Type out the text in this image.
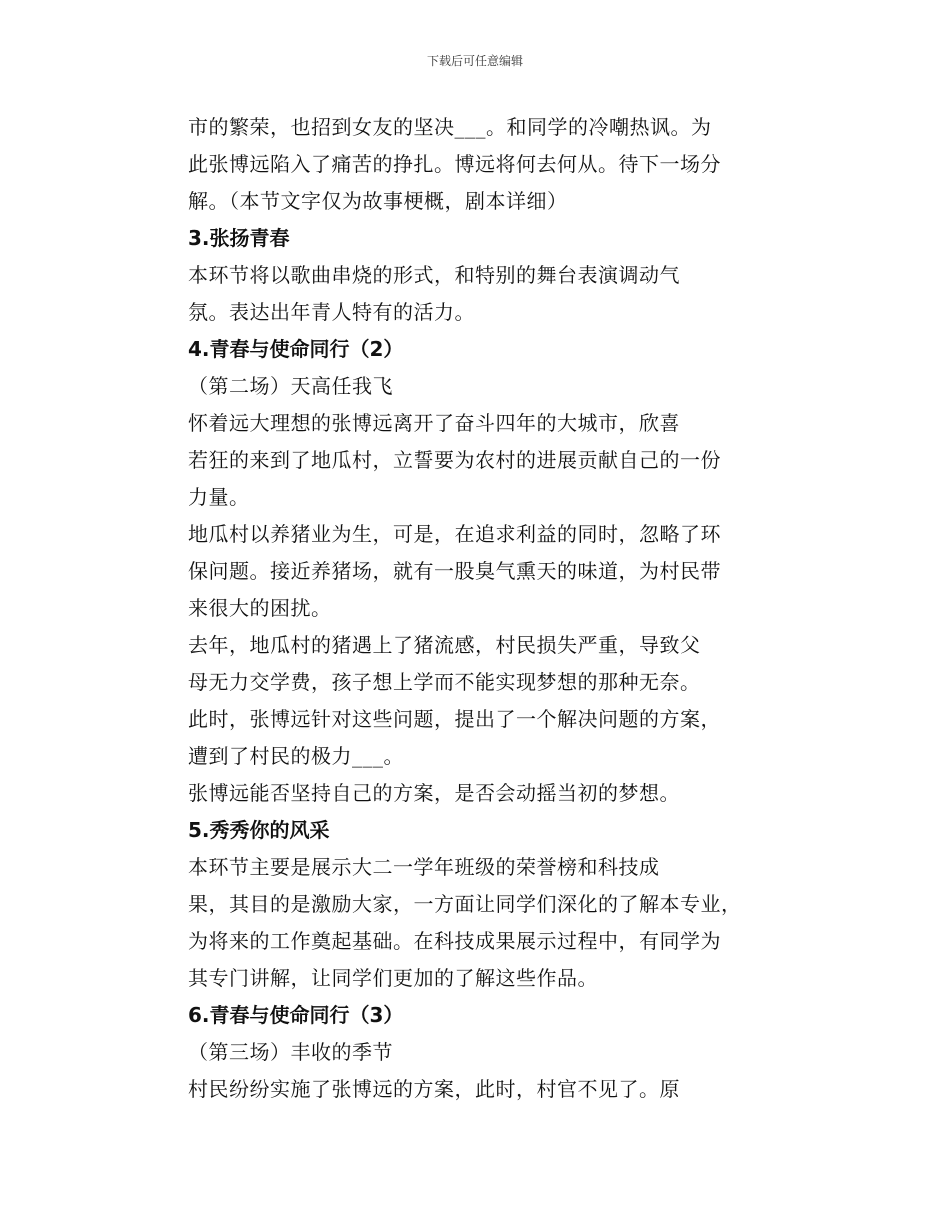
下载后可任意编辑
市的繁荣，也招到女友的坚决___。和同学的冷嘲热讽。为
此张博远陷入了痛苦的挣扎。博远将何去何从。待下一场分
解。（本节文字仅为故事梗概，剧本详细）
3.张扬青春
本环节将以歌曲串烧的形式，和特别的舞台表演调动气
氛。表达出年青人特有的活力。
4.青春与使命同行（2）
（第二场）天高任我飞
怀着远大理想的张博远离开了奋斗四年的大城市，欣喜
若狂的来到了地瓜村，立誓要为农村的进展贡献自己的一份
力量。
地瓜村以养猪业为生，可是，在追求利益的同时，忽略了环
保问题。接近养猪场，就有一股臭气熏天的味道，为村民带
来很大的困扰。
去年，地瓜村的猪遇上了猪流感，村民损失严重，导致父
母无力交学费，孩子想上学而不能实现梦想的那种无奈。
此时，张博远针对这些问题，提出了一个解决问题的方案，
遭到了村民的极力___。
张博远能否坚持自己的方案，是否会动摇当初的梦想。
5.秀秀你的风采
本环节主要是展示大二一学年班级的荣誉榜和科技成
果，其目的是激励大家，一方面让同学们深化的了解本专业，
为将来的工作奠起基础。在科技成果展示过程中，有同学为
其专门讲解，让同学们更加的了解这些作品。
6.青春与使命同行（3）
（第三场）丰收的季节
村民纷纷实施了张博远的方案，此时，村官不见了。原
